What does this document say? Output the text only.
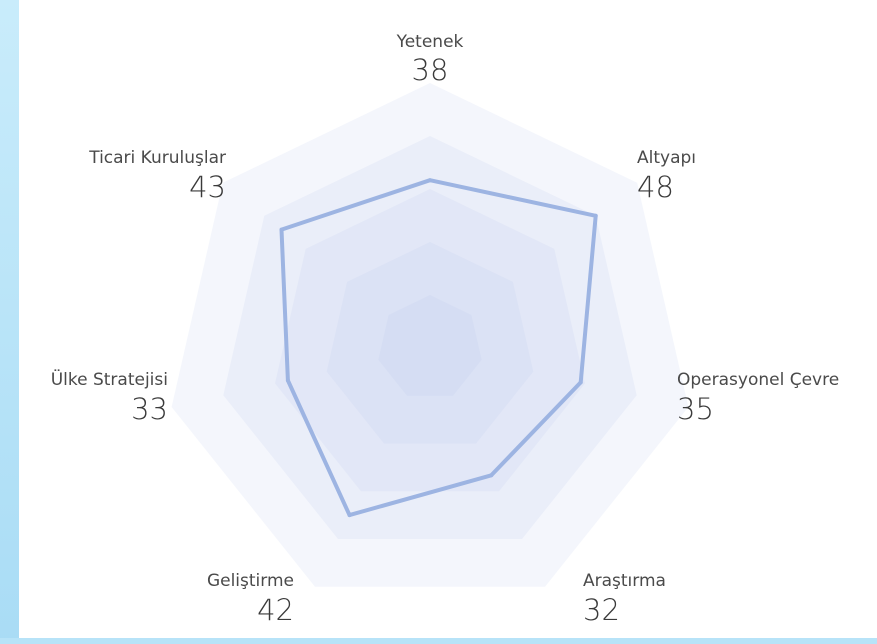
Yetenek
38
Altyapı
48
Operasyonel Çevre
35
Araştırma
32
Geliştirme
42
Ülke Stratejisi
33
Ticari Kuruluşlar
43
